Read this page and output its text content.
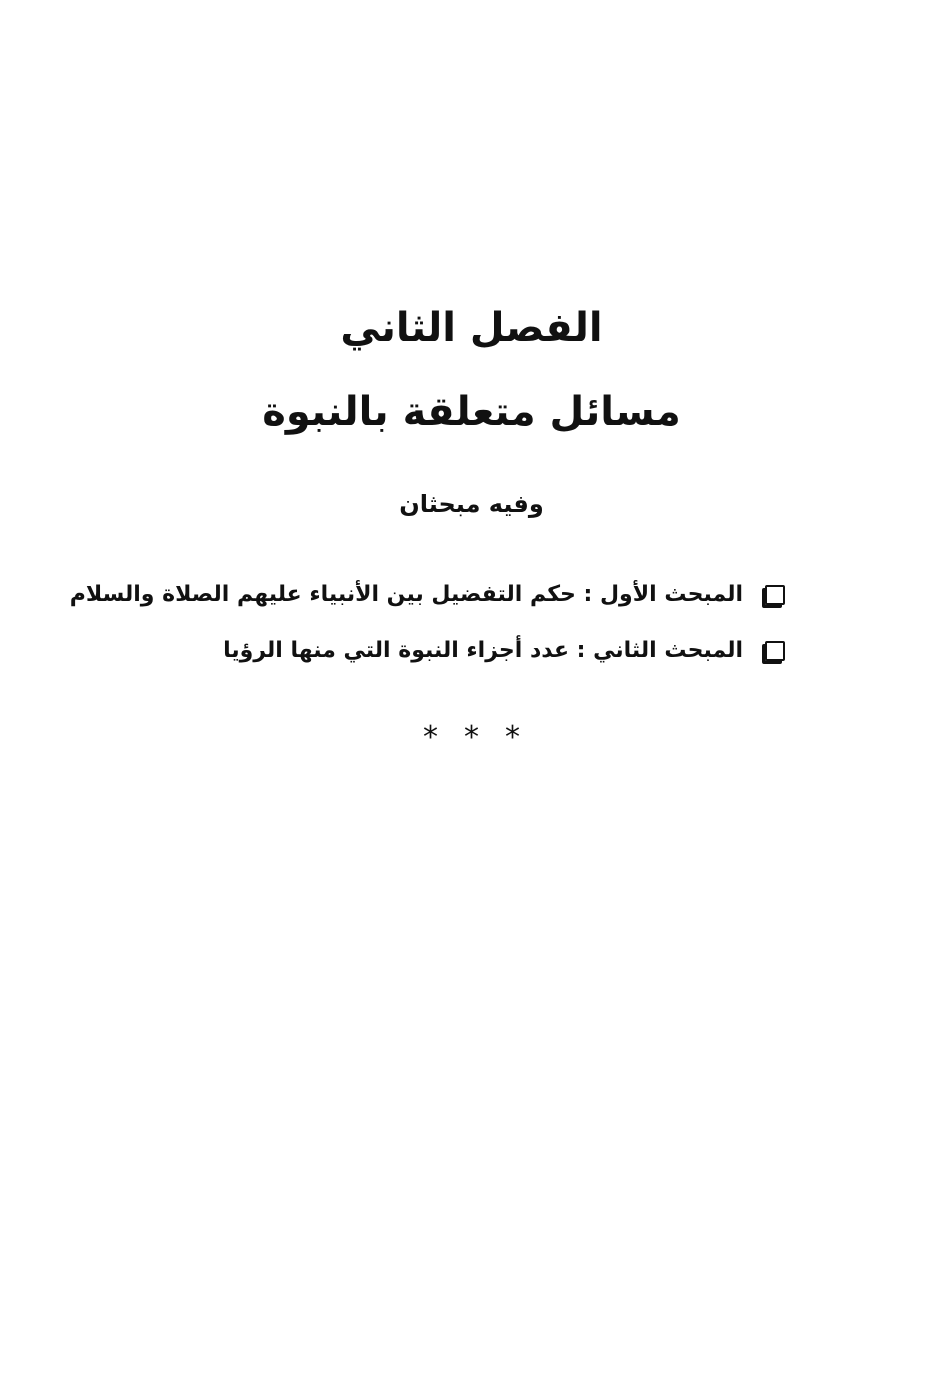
الفصل الثاني
مسائل متعلقة بالنبوة
وفيه مبحثان
المبحث الأول : حكم التفضيل بين الأنبياء عليهم الصلاة والسلام
المبحث الثاني : عدد أجزاء النبوة التي منها الرؤيا
***
